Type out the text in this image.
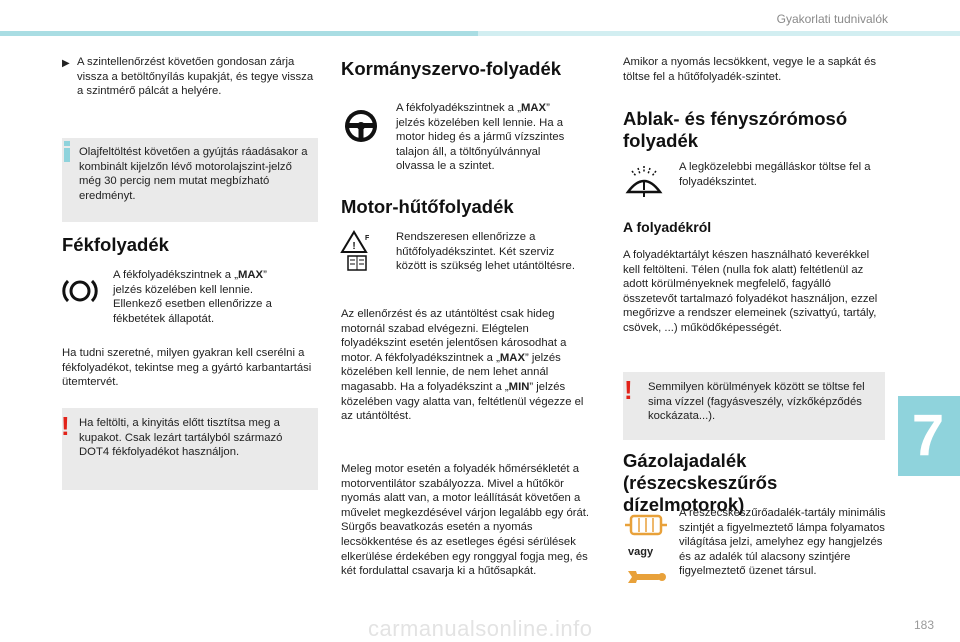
Gyakorlati tudnivalók
▶ A szintellenőrzést követően gondosan zárja vissza a betöltőnyílás kupakját, és tegye vissza a szintmérő pálcát a helyére.
Olajfeltöltést követően a gyújtás ráadásakor a kombinált kijelzőn lévő motorolajszint-jelző még 30 percig nem mutat megbízható eredményt.
Fékfolyadék
A fékfolyadékszintnek a „MAX” jelzés közelében kell lennie. Ellenkező esetben ellenőrizze a fékbetétek állapotát.
Ha tudni szeretné, milyen gyakran kell cserélni a fékfolyadékot, tekintse meg a gyártó karbantartási ütemtervét.
! Ha feltölti, a kinyitás előtt tisztítsa meg a kupakot. Csak lezárt tartályból származó DOT4 fékfolyadékot használjon.
Kormányszervo-folyadék
A fékfolyadékszintnek a „MAX” jelzés közelében kell lennie. Ha a motor hideg és a jármű vízszintes talajon áll, a töltőnyúlvánnyal olvassa le a szintet.
Motor-hűtőfolyadék
!
F Rendszeresen ellenőrizze a hűtőfolyadékszintet. Két szerviz között is szükség lehet utántöltésre.
Az ellenőrzést és az utántöltést csak hideg motornál szabad elvégezni. Elégtelen folyadékszint esetén jelentősen károsodhat a motor. A fékfolyadékszintnek a „MAX” jelzés közelében kell lennie, de nem lehet annál magasabb. Ha a folyadékszint a „MIN” jelzés közelében vagy alatta van, feltétlenül végezze el az utántöltést.
Meleg motor esetén a folyadék hőmérsékletét a motorventilátor szabályozza. Mivel a hűtőkör nyomás alatt van, a motor leállítását követően a művelet megkezdésével várjon legalább egy órát. Sürgős beavatkozás esetén a nyomás lecsökkentése és az esetleges égési sérülések elkerülése érdekében egy ronggyal fogja meg, és két fordulattal csavarja ki a hűtősapkát.
Amikor a nyomás lecsökkent, vegye le a sapkát és töltse fel a hűtőfolyadék-szintet.
Ablak- és fényszórómosó folyadék
A legközelebbi megálláskor töltse fel a folyadékszintet.
A folyadékról
A folyadéktartályt készen használható keverékkel kell feltölteni. Télen (nulla fok alatt) feltétlenül az adott körülményeknek megfelelő, fagyálló összetevőt tartalmazó folyadékot használjon, ezzel megőrizve a rendszer elemeinek (szivattyú, tartály, csövek, ...) működőképességét.
! Semmilyen körülmények között se töltse fel sima vízzel (fagyásveszély, vízkőképződés kockázata...).
Gázolajadalék (részecskeszűrős dízelmotorok)
vagy
A részecskeszűrőadalék-tartály minimális szintjét a figyelmeztető lámpa folyamatos világítása jelzi, amelyhez egy hangjelzés és az adalék túl alacsony szintjére figyelmeztető üzenet társul.
7
carmanualsonline.info	183
